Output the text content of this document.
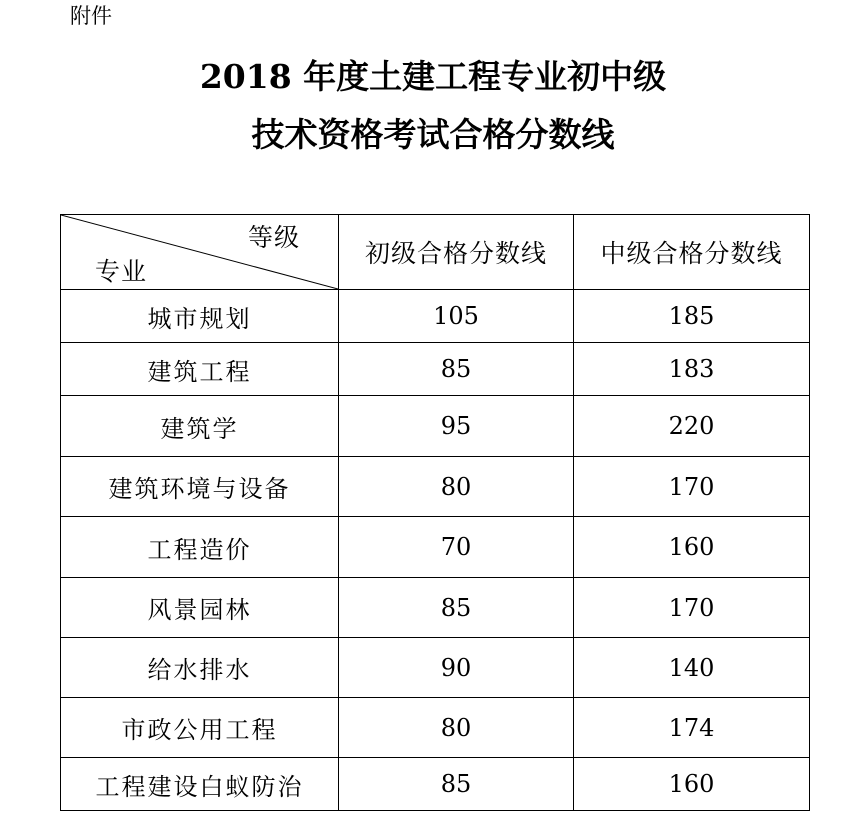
附件
2018 年度土建工程专业初中级
技术资格考试合格分数线
等级
专业	初级合格分数线	中级合格分数线
城市规划	105	185
建筑工程	85	183
建筑学	95	220
建筑环境与设备	80	170
工程造价	70	160
风景园林	85	170
给水排水	90	140
市政公用工程	80	174
工程建设白蚁防治	85	160
